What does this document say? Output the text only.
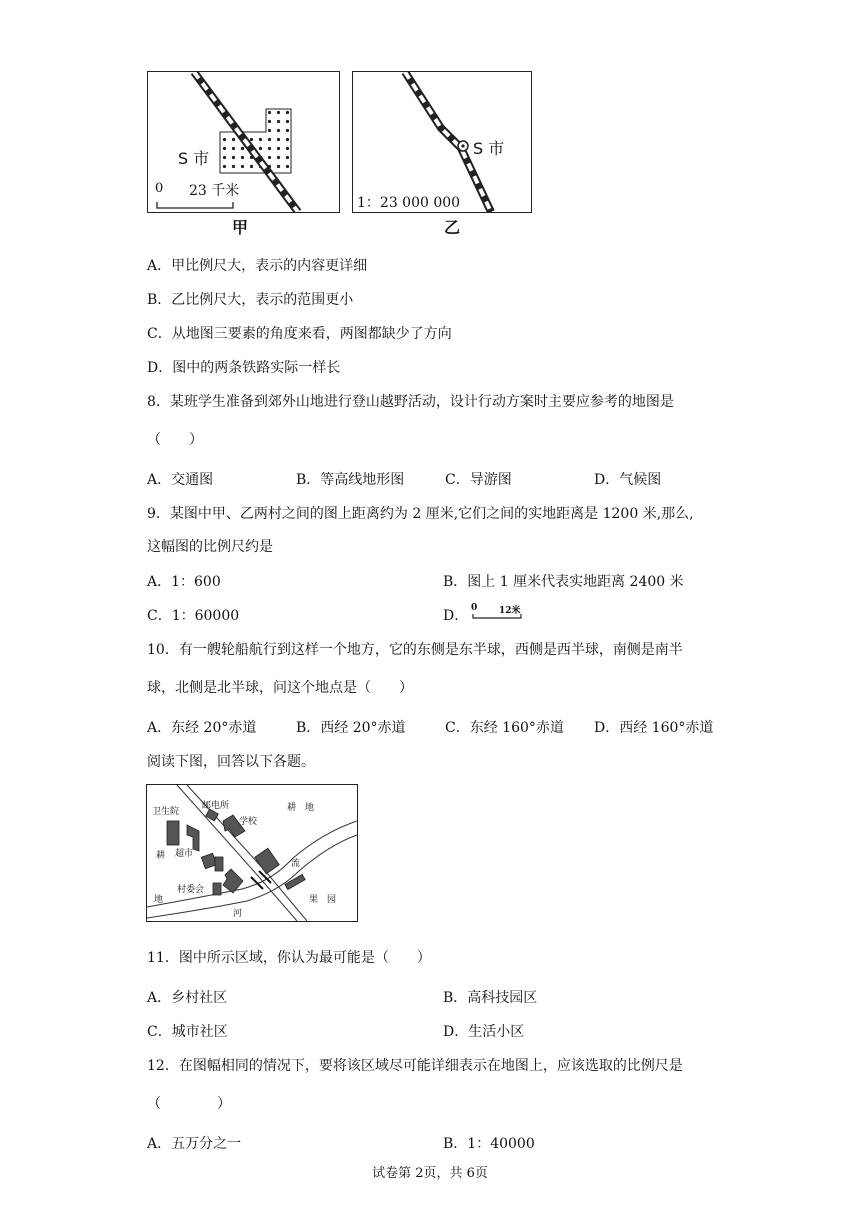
S 市
0 23 千米
甲
S 市
1：23 000 000
乙
A．甲比例尺大，表示的内容更详细
B．乙比例尺大，表示的范围更小
C．从地图三要素的角度来看，两图都缺少了方向
D．图中的两条铁路实际一样长
8．某班学生准备到郊外山地进行登山越野活动，设计行动方案时主要应参考的地图是
（　　）
A．交通图	B．等高线地形图	C．导游图	D．气候图
9．某图中甲、乙两村之间的图上距离约为 2 厘米,它们之间的实地距离是 1200 米,那么,
这幅图的比例尺约是
A．1：600	B．图上 1 厘米代表实地距离 2400 米
C．1：60000	D． 0 12米
10．有一艘轮船航行到这样一个地方，它的东侧是东半球，西侧是西半球，南侧是南半
球，北侧是北半球，问这个地点是（　　）
A．东经 20°赤道	B．西经 20°赤道	C．东经 160°赤道 D．西经 160°赤道
阅读下图，回答以下各题。
卫生院
邮电所	耕　地
学校
耕 超市
村委会
地
河
流
果　园
11．图中所示区域，你认为最可能是（　　）
A．乡村社区	B．高科技园区
C．城市社区	D．生活小区
12．在图幅相同的情况下，要将该区域尽可能详细表示在地图上，应该选取的比例尺是
（　　　　）
A．五万分之一	B．1：40000
试卷第 2页，共 6页
